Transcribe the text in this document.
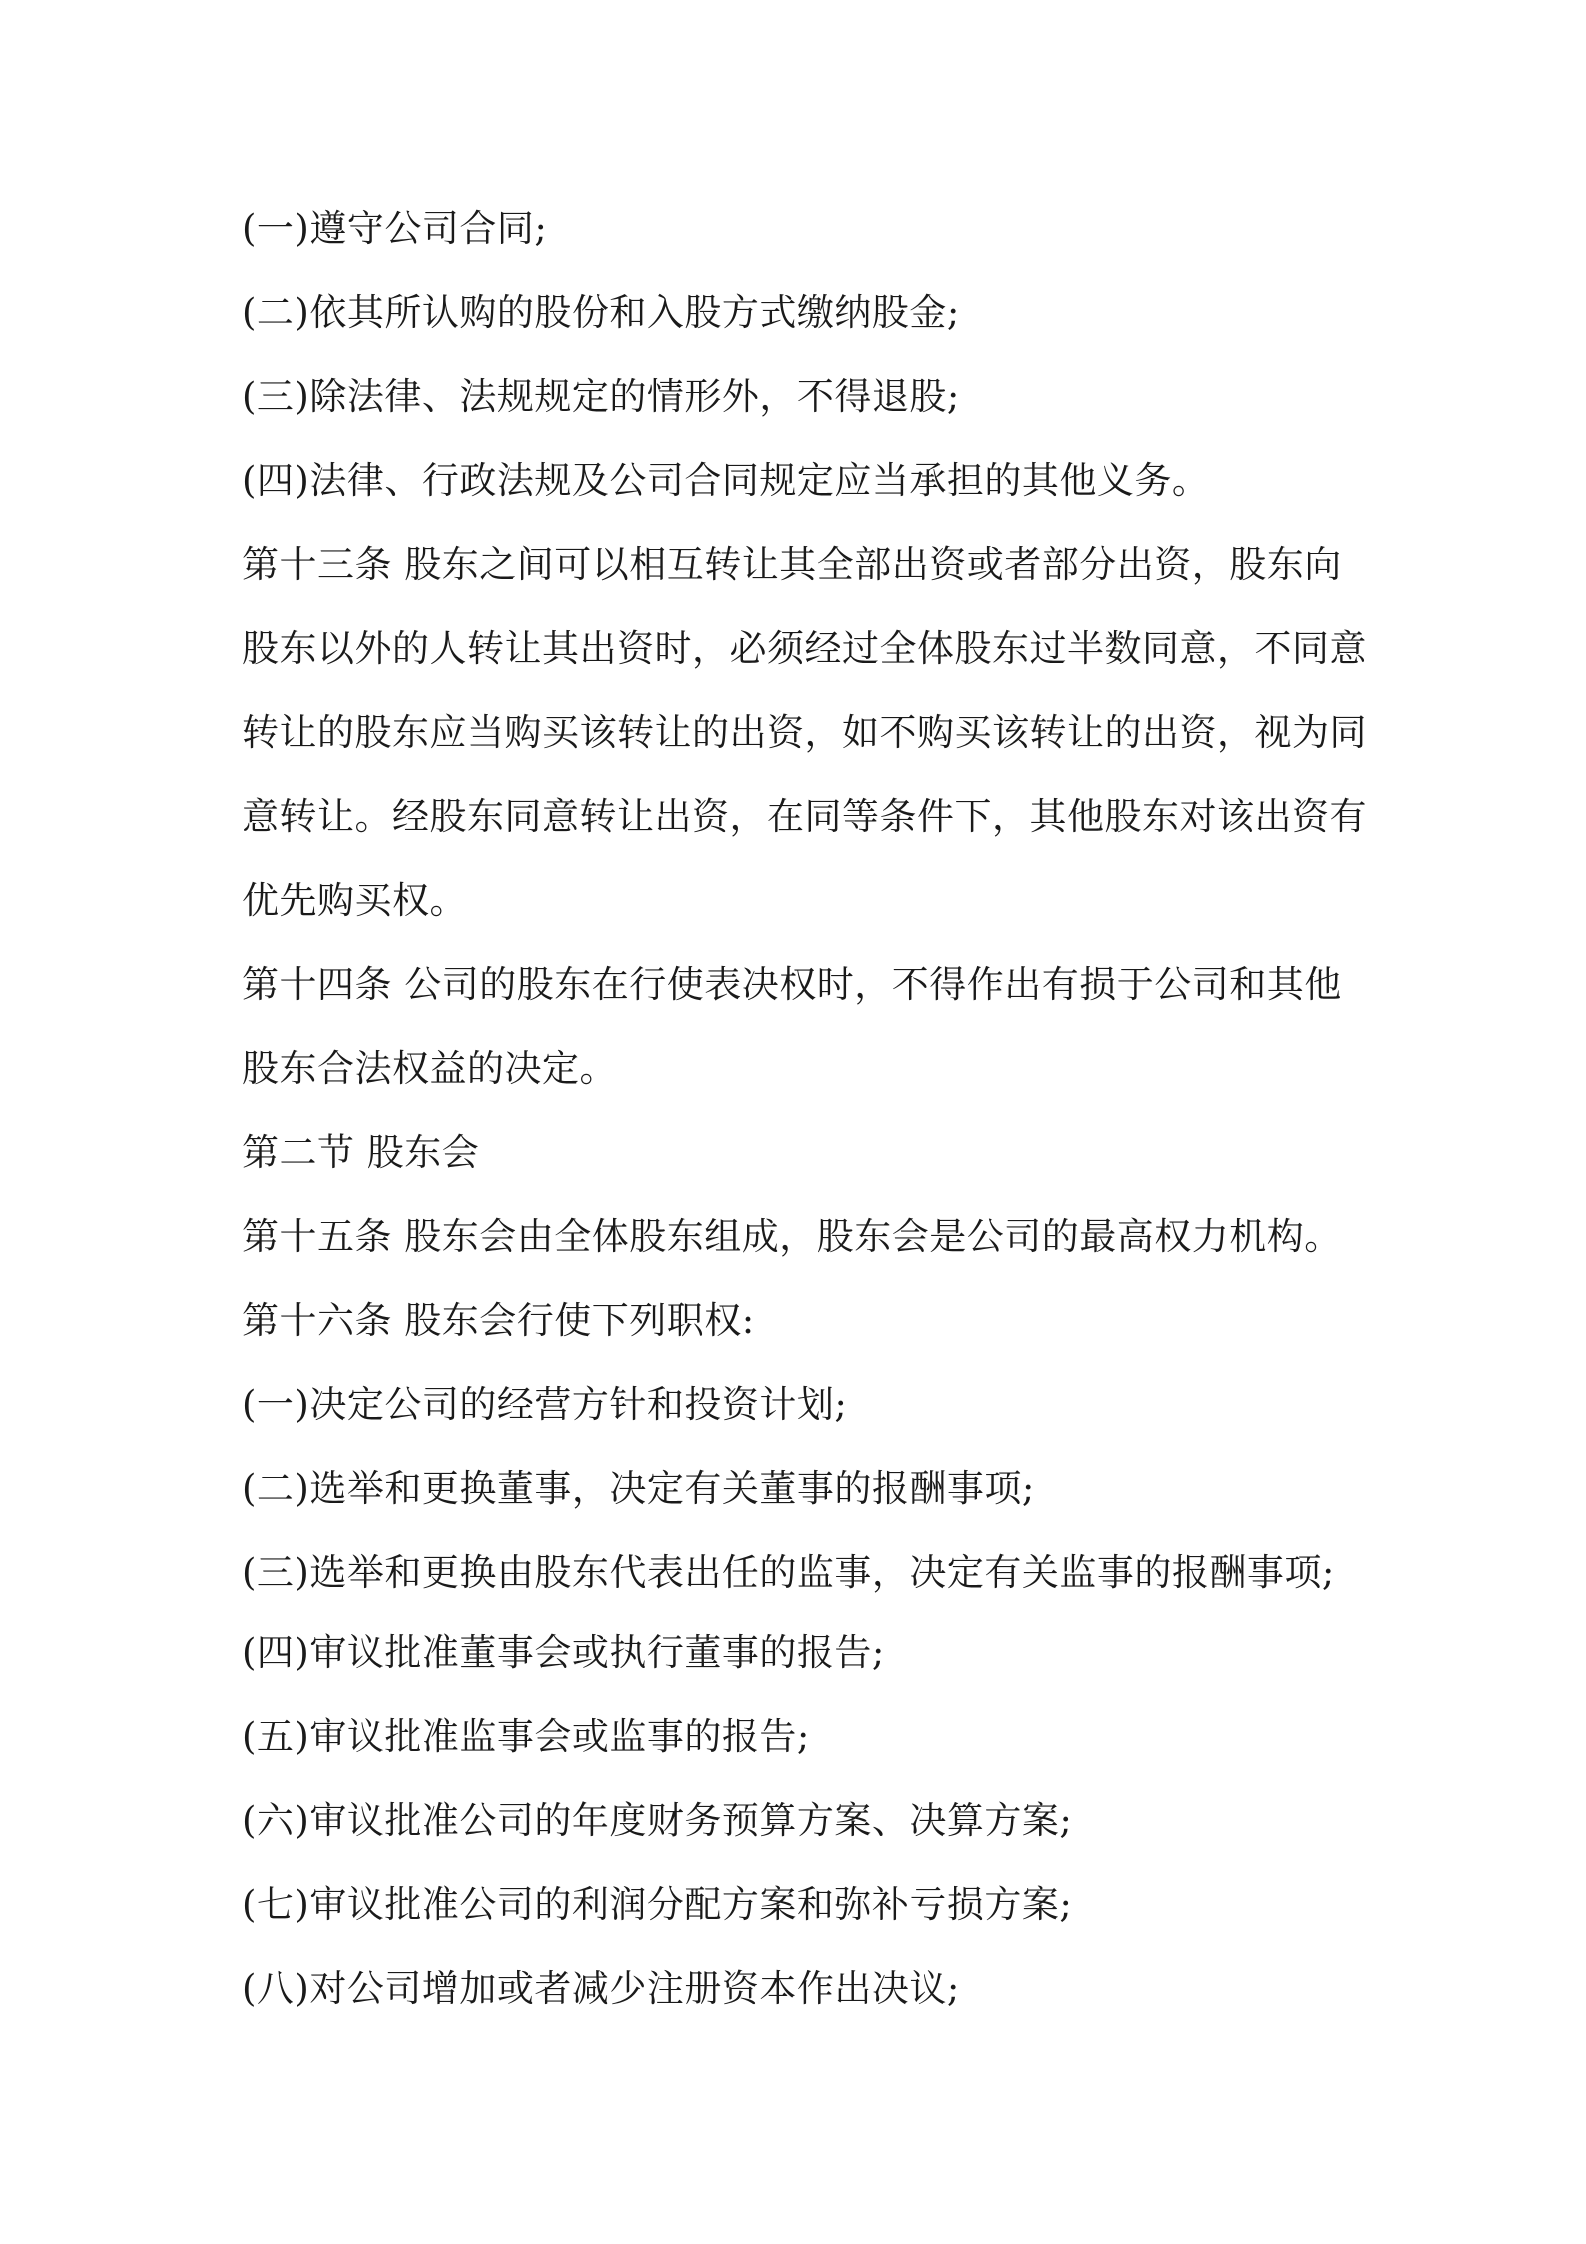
(一)遵守公司合同;
(二)依其所认购的股份和入股方式缴纳股金;
(三)除法律、法规规定的情形外，不得退股;
(四)法律、行政法规及公司合同规定应当承担的其他义务。
第十三条 股东之间可以相互转让其全部出资或者部分出资，股东向
股东以外的人转让其出资时，必须经过全体股东过半数同意，不同意
转让的股东应当购买该转让的出资，如不购买该转让的出资，视为同
意转让。经股东同意转让出资，在同等条件下，其他股东对该出资有
优先购买权。
第十四条 公司的股东在行使表决权时，不得作出有损于公司和其他
股东合法权益的决定。
第二节 股东会
第十五条 股东会由全体股东组成，股东会是公司的最高权力机构。
第十六条 股东会行使下列职权:
(一)决定公司的经营方针和投资计划;
(二)选举和更换董事，决定有关董事的报酬事项;
(三)选举和更换由股东代表出任的监事，决定有关监事的报酬事项;
(四)审议批准董事会或执行董事的报告;
(五)审议批准监事会或监事的报告;
(六)审议批准公司的年度财务预算方案、决算方案;
(七)审议批准公司的利润分配方案和弥补亏损方案;
(八)对公司增加或者减少注册资本作出决议;
